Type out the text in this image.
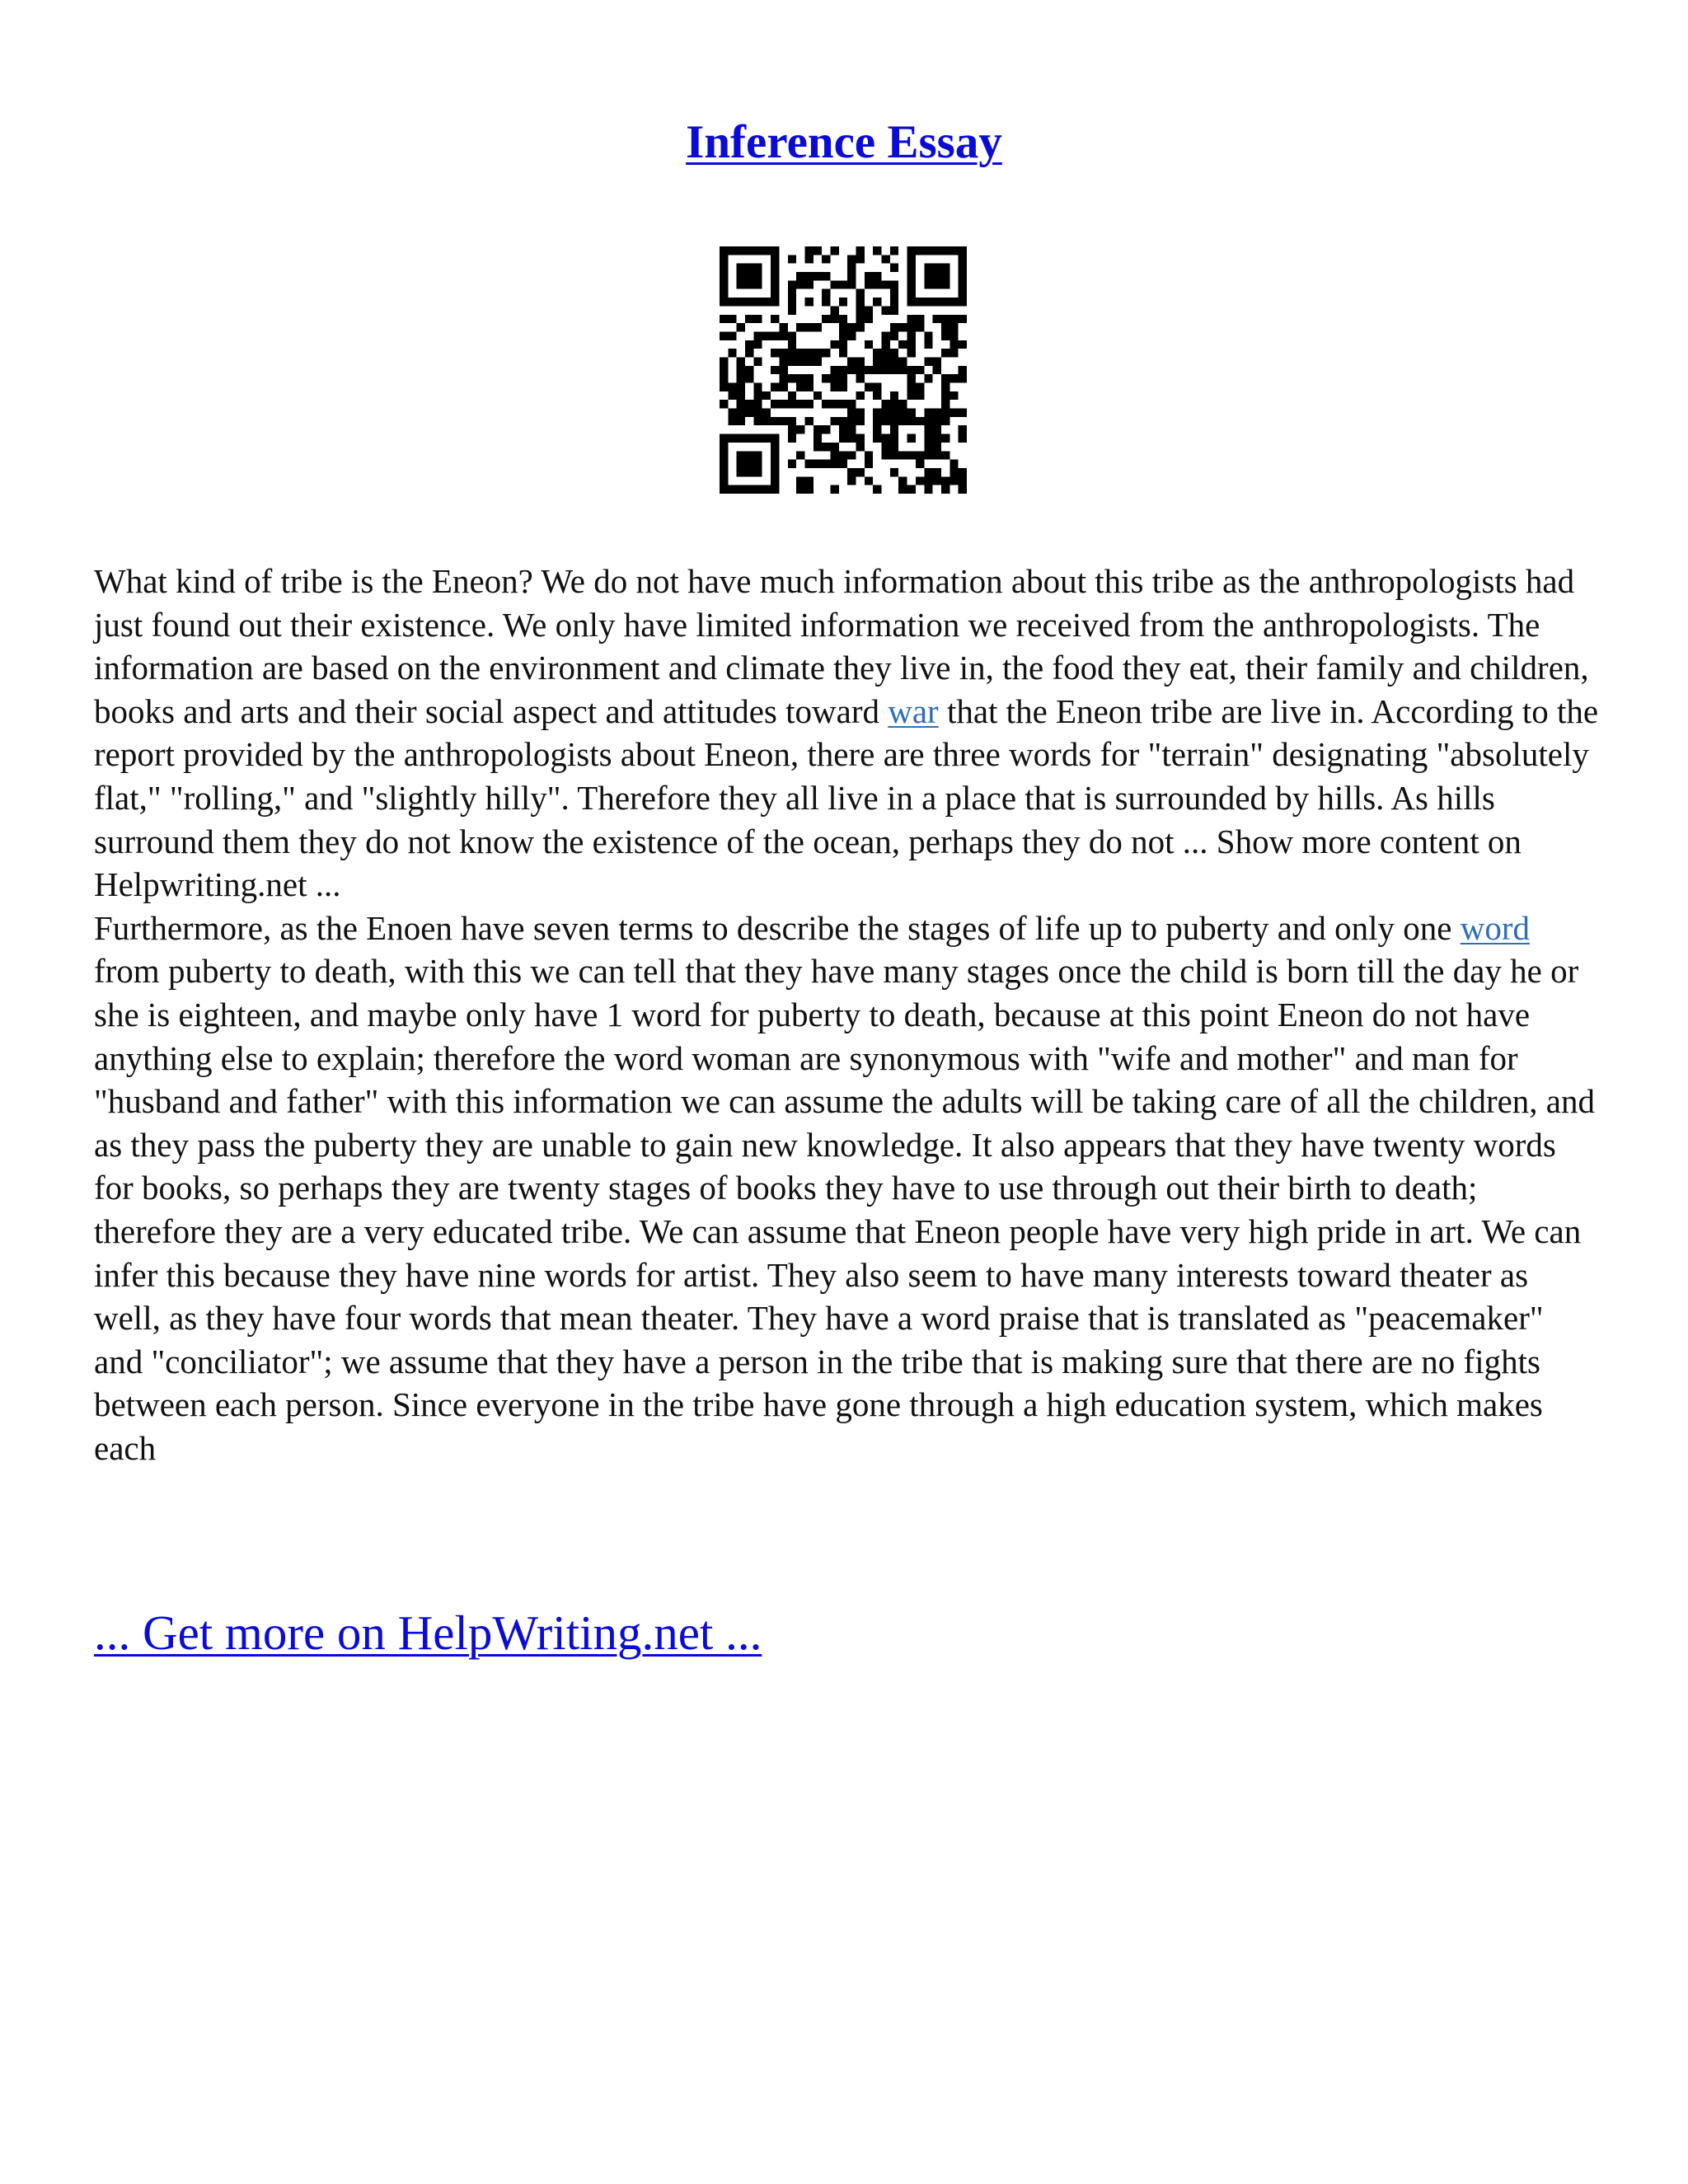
Inference Essay

What kind of tribe is the Eneon? We do not have much information about this tribe as the anthropologists had just found out their existence. We only have limited information we received from the anthropologists. The information are based on the environment and climate they live in, the food they eat, their family and children, books and arts and their social aspect and attitudes toward war that the Eneon tribe are live in. According to the report provided by the anthropologists about Eneon, there are three words for "terrain" designating "absolutely flat," "rolling," and "slightly hilly". Therefore they all live in a place that is surrounded by hills. As hills surround them they do not know the existence of the ocean, perhaps they do not ... Show more content on Helpwriting.net ...

Furthermore, as the Enoen have seven terms to describe the stages of life up to puberty and only one word from puberty to death, with this we can tell that they have many stages once the child is born till the day he or she is eighteen, and maybe only have 1 word for puberty to death, because at this point Eneon do not have anything else to explain; therefore the word woman are synonymous with "wife and mother" and man for "husband and father" with this information we can assume the adults will be taking care of all the children, and as they pass the puberty they are unable to gain new knowledge. It also appears that they have twenty words for books, so perhaps they are twenty stages of books they have to use through out their birth to death; therefore they are a very educated tribe. We can assume that Eneon people have very high pride in art. We can infer this because they have nine words for artist. They also seem to have many interests toward theater as well, as they have four words that mean theater. They have a word praise that is translated as "peacemaker" and "conciliator"; we assume that they have a person in the tribe that is making sure that there are no fights between each person. Since everyone in the tribe have gone through a high education system, which makes each

... Get more on HelpWriting.net ...
